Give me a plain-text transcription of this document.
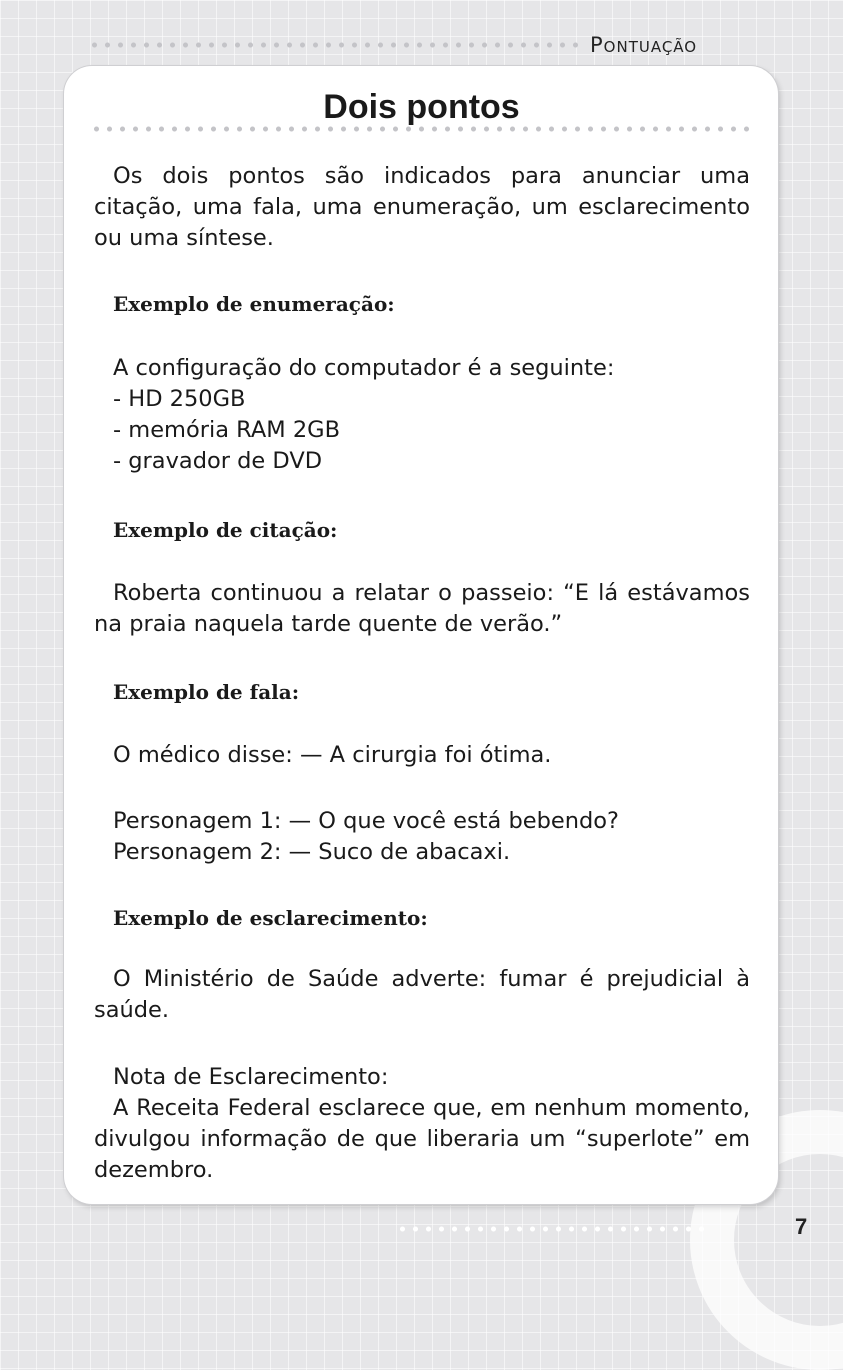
Pontuação

Dois pontos

Os dois pontos são indicados para anunciar uma citação, uma fala, uma enumeração, um esclarecimento ou uma síntese.

Exemplo de enumeração:

A configuração do computador é a seguinte:

- HD 250GB

- memória RAM 2GB

- gravador de DVD

Exemplo de citação:

Roberta continuou a relatar o passeio: “E lá estávamos na praia naquela tarde quente de verão.”

Exemplo de fala:

O médico disse: — A cirurgia foi ótima.

Personagem 1: — O que você está bebendo?

Personagem 2: — Suco de abacaxi.

Exemplo de esclarecimento:

O Ministério de Saúde adverte: fumar é prejudicial à saúde.

Nota de Esclarecimento:

A Receita Federal esclarece que, em nenhum momento, divulgou informação de que liberaria um “superlote” em dezembro.

7
